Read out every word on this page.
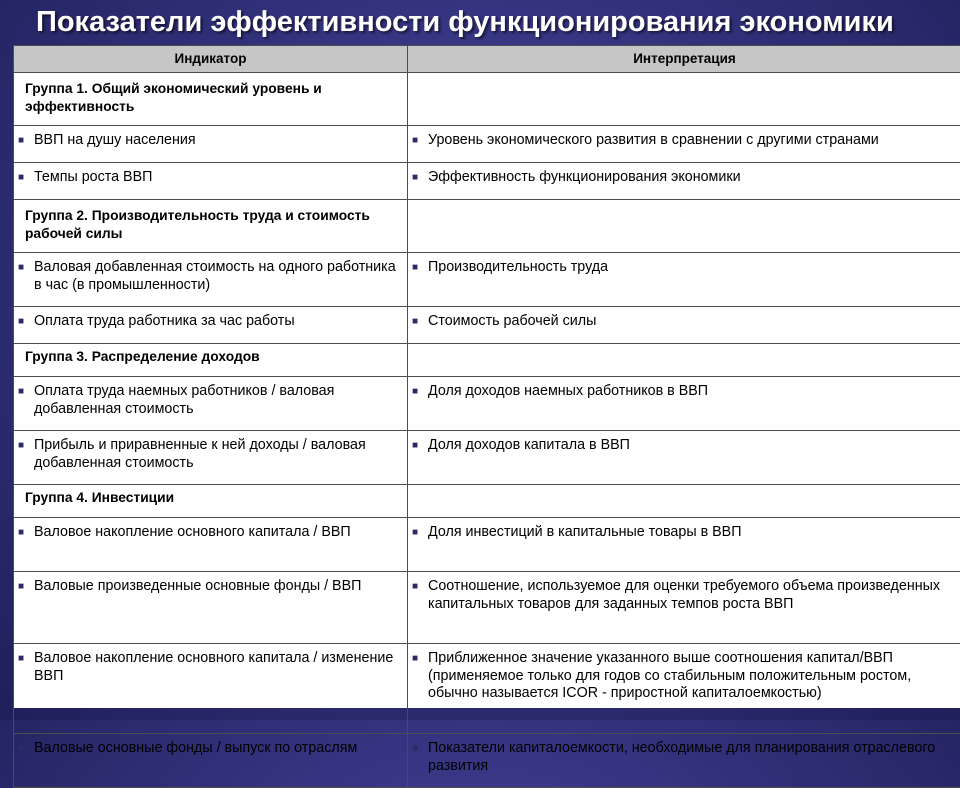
Показатели эффективности функционирования экономики
Индикатор	Интерпретация
Группа 1. Общий экономический уровень и эффективность	

■ ВВП на душу населения	■ Уровень экономического развития в сравнении с другими странами

■ Темпы роста ВВП	■ Эффективность функционирования экономики

Группа 2. Производительность труда и стоимость рабочей силы	

■ Валовая добавленная стоимость на одного работника в час (в промышленности)	■ Производительность труда

■ Оплата труда работника за час работы	■ Стоимость рабочей силы

Группа 3. Распределение доходов	

■ Оплата труда наемных работников / валовая добавленная стоимость	■ Доля доходов наемных работников в ВВП

■ Прибыль и приравненные к ней доходы / валовая добавленная стоимость	■ Доля доходов капитала в ВВП

Группа 4. Инвестиции	

■ Валовое накопление основного капитала / ВВП	■ Доля инвестиций в капитальные товары в ВВП

■ Валовые произведенные основные фонды / ВВП	■ Соотношение, используемое для оценки требуемого объема произведенных капитальных товаров для заданных темпов роста ВВП

■ Валовое накопление основного капитала / изменение ВВП	■ Приближенное значение указанного выше соотношения капитал/ВВП (применяемое только для годов со стабильным положительным ростом, обычно называется ICOR - приростной капиталоемкостью)

■ Валовые основные фонды / выпуск по отраслям	■ Показатели капиталоемкости, необходимые для планирования отраслевого развития
